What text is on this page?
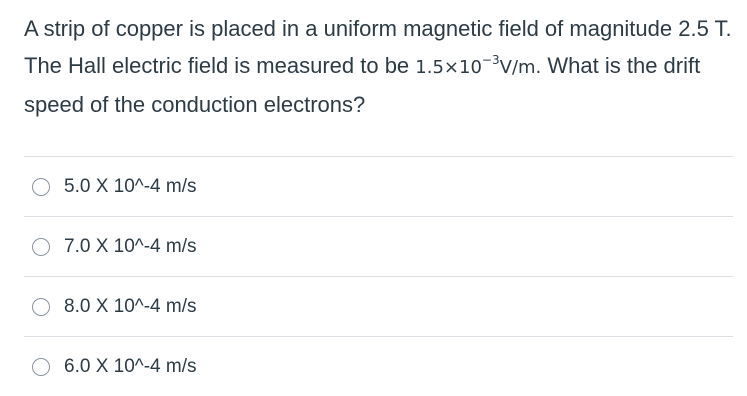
A strip of copper is placed in a uniform magnetic field of magnitude 2.5 T. The Hall electric field is measured to be $1.5\times 10^{-3}V/m$. What is the drift speed of the conduction electrons?
5.0 X 10^-4 m/s
7.0 X 10^-4 m/s
8.0 X 10^-4 m/s
6.0 X 10^-4 m/s
